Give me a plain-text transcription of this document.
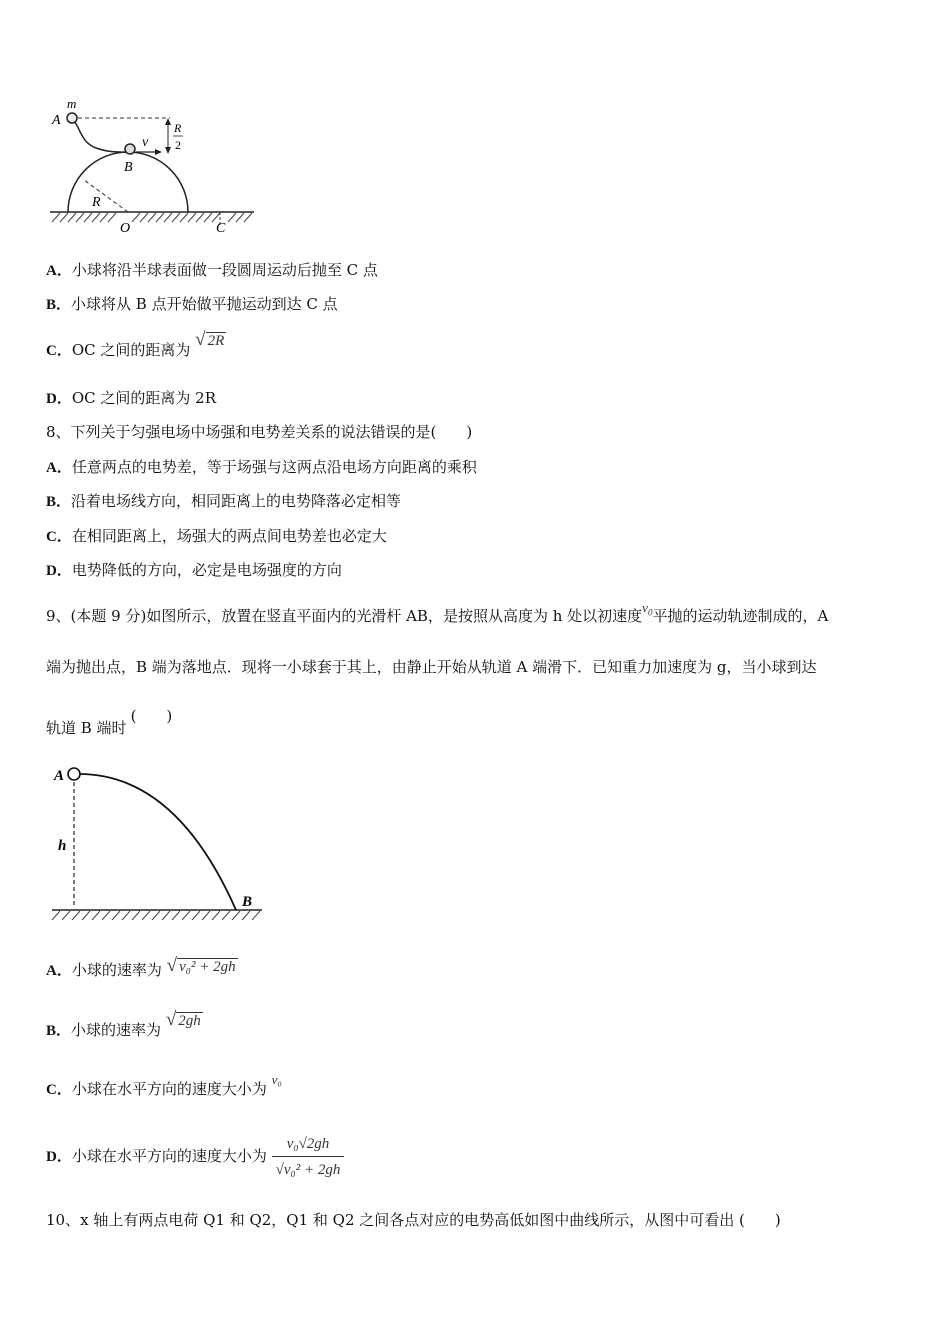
m
A
v
R
2
B
R
O	C
A．小球将沿半球表面做一段圆周运动后抛至 C 点
B．小球将从 B 点开始做平抛运动到达 C 点
C．OC 之间的距离为 √ 2R
D．OC 之间的距离为 2R
8、下列关于匀强电场中场强和电势差关系的说法错误的是(　　)
A．任意两点的电势差，等于场强与这两点沿电场方向距离的乘积
B．沿着电场线方向，相同距离上的电势降落必定相等
C．在相同距离上，场强大的两点间电势差也必定大
D．电势降低的方向，必定是电场强度的方向
9、(本题 9 分)如图所示，放置在竖直平面内的光滑杆 AB，是按照从高度为 h 处以初速度$v_0$平抛的运动轨迹制成的，A
端为抛出点，B 端为落地点．现将一小球套于其上，由静止开始从轨道 A 端滑下．已知重力加速度为 g，当小球到达
轨道 B 端时(　　)
A
h
B
A．小球的速率为 √ v₀² + 2gh
B．小球的速率为 √ 2gh
C．小球在水平方向的速度大小为 v₀
D．小球在水平方向的速度大小为 $\frac{\text{v₀√2gh}}{\text{√v₀² + 2gh}}$
10、x 轴上有两点电荷 Q1 和 Q2，Q1 和 Q2 之间各点对应的电势高低如图中曲线所示，从图中可看出 (　　)
